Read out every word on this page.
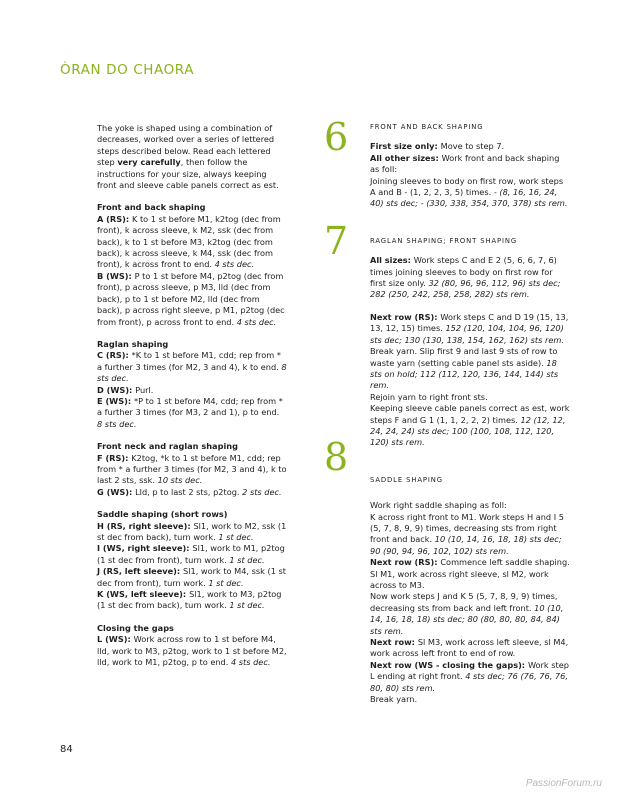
ÒRAN DO CHAORA

The yoke is shaped using a combination of decreases, worked over a series of lettered steps described below. Read each lettered step very carefully, then follow the instructions for your size, always keeping front and sleeve cable panels correct as est.

Front and back shaping

A (RS): K to 1 st before M1, k2tog (dec from front), k across sleeve, k M2, ssk (dec from back), k to 1 st before M3, k2tog (dec from back), k across sleeve, k M4, ssk (dec from front), k across front to end. 4 sts dec.

B (WS): P to 1 st before M4, p2tog (dec from front), p across sleeve, p M3, lld (dec from back), p to 1 st before M2, lld (dec from back), p across right sleeve, p M1, p2tog (dec from front), p across front to end. 4 sts dec.

Raglan shaping

C (RS): *K to 1 st before M1, cdd; rep from * a further 3 times (for M2, 3 and 4), k to end. 8 sts dec.

D (WS): Purl.

E (WS): *P to 1 st before M4, cdd; rep from * a further 3 times (for M3, 2 and 1), p to end. 8 sts dec.

Front neck and raglan shaping

F (RS): K2tog, *k to 1 st before M1, cdd; rep from * a further 3 times (for M2, 3 and 4), k to last 2 sts, ssk. 10 sts dec.

G (WS): Lld, p to last 2 sts, p2tog. 2 sts dec.

Saddle shaping (short rows)

H (RS, right sleeve): Sl1, work to M2, ssk (1 st dec from back), turn work. 1 st dec.

I (WS, right sleeve): Sl1, work to M1, p2tog (1 st dec from front), turn work. 1 st dec.

J (RS, left sleeve): Sl1, work to M4, ssk (1 st dec from front), turn work. 1 st dec.

K (WS, left sleeve): Sl1, work to M3, p2tog (1 st dec from back), turn work. 1 st dec.

Closing the gaps

L (WS): Work across row to 1 st before M4, lld, work to M3, p2tog, work to 1 st before M2, lld, work to M1, p2tog, p to end. 4 sts dec.

6
7
8
FRONT AND BACK SHAPING

First size only: Move to step 7.
All other sizes: Work front and back shaping as foll:
Joining sleeves to body on first row, work steps A and B - (1, 2, 2, 3, 5) times. - (8, 16, 16, 24, 40) sts dec; - (330, 338, 354, 370, 378) sts rem.

RAGLAN SHAPING; FRONT SHAPING

All sizes: Work steps C and E 2 (5, 6, 6, 7, 6) times joining sleeves to body on first row for first size only. 32 (80, 96, 96, 112, 96) sts dec; 282 (250, 242, 258, 258, 282) sts rem.

Next row (RS): Work steps C and D 19 (15, 13, 13, 12, 15) times. 152 (120, 104, 104, 96, 120) sts dec; 130 (130, 138, 154, 162, 162) sts rem.
Break yarn. Slip first 9 and last 9 sts of row to waste yarn (setting cable panel sts aside). 18 sts on hold; 112 (112, 120, 136, 144, 144) sts rem.
Rejoin yarn to right front sts.
Keeping sleeve cable panels correct as est, work steps F and G 1 (1, 1, 2, 2, 2) times. 12 (12, 12, 24, 24, 24) sts dec; 100 (100, 108, 112, 120, 120) sts rem.

SADDLE SHAPING

Work right saddle shaping as foll:
K across right front to M1. Work steps H and I 5 (5, 7, 8, 9, 9) times, decreasing sts from right front and back. 10 (10, 14, 16, 18, 18) sts dec; 90 (90, 94, 96, 102, 102) sts rem.
Next row (RS): Commence left saddle shaping.
Sl M1, work across right sleeve, sl M2, work across to M3.
Now work steps J and K 5 (5, 7, 8, 9, 9) times, decreasing sts from back and left front. 10 (10, 14, 16, 18, 18) sts dec; 80 (80, 80, 80, 84, 84) sts rem.
Next row: Sl M3, work across left sleeve, sl M4, work across left front to end of row.
Next row (WS - closing the gaps): Work step L ending at right front. 4 sts dec; 76 (76, 76, 76, 80, 80) sts rem.
Break yarn.

84
PassionForum.ru
